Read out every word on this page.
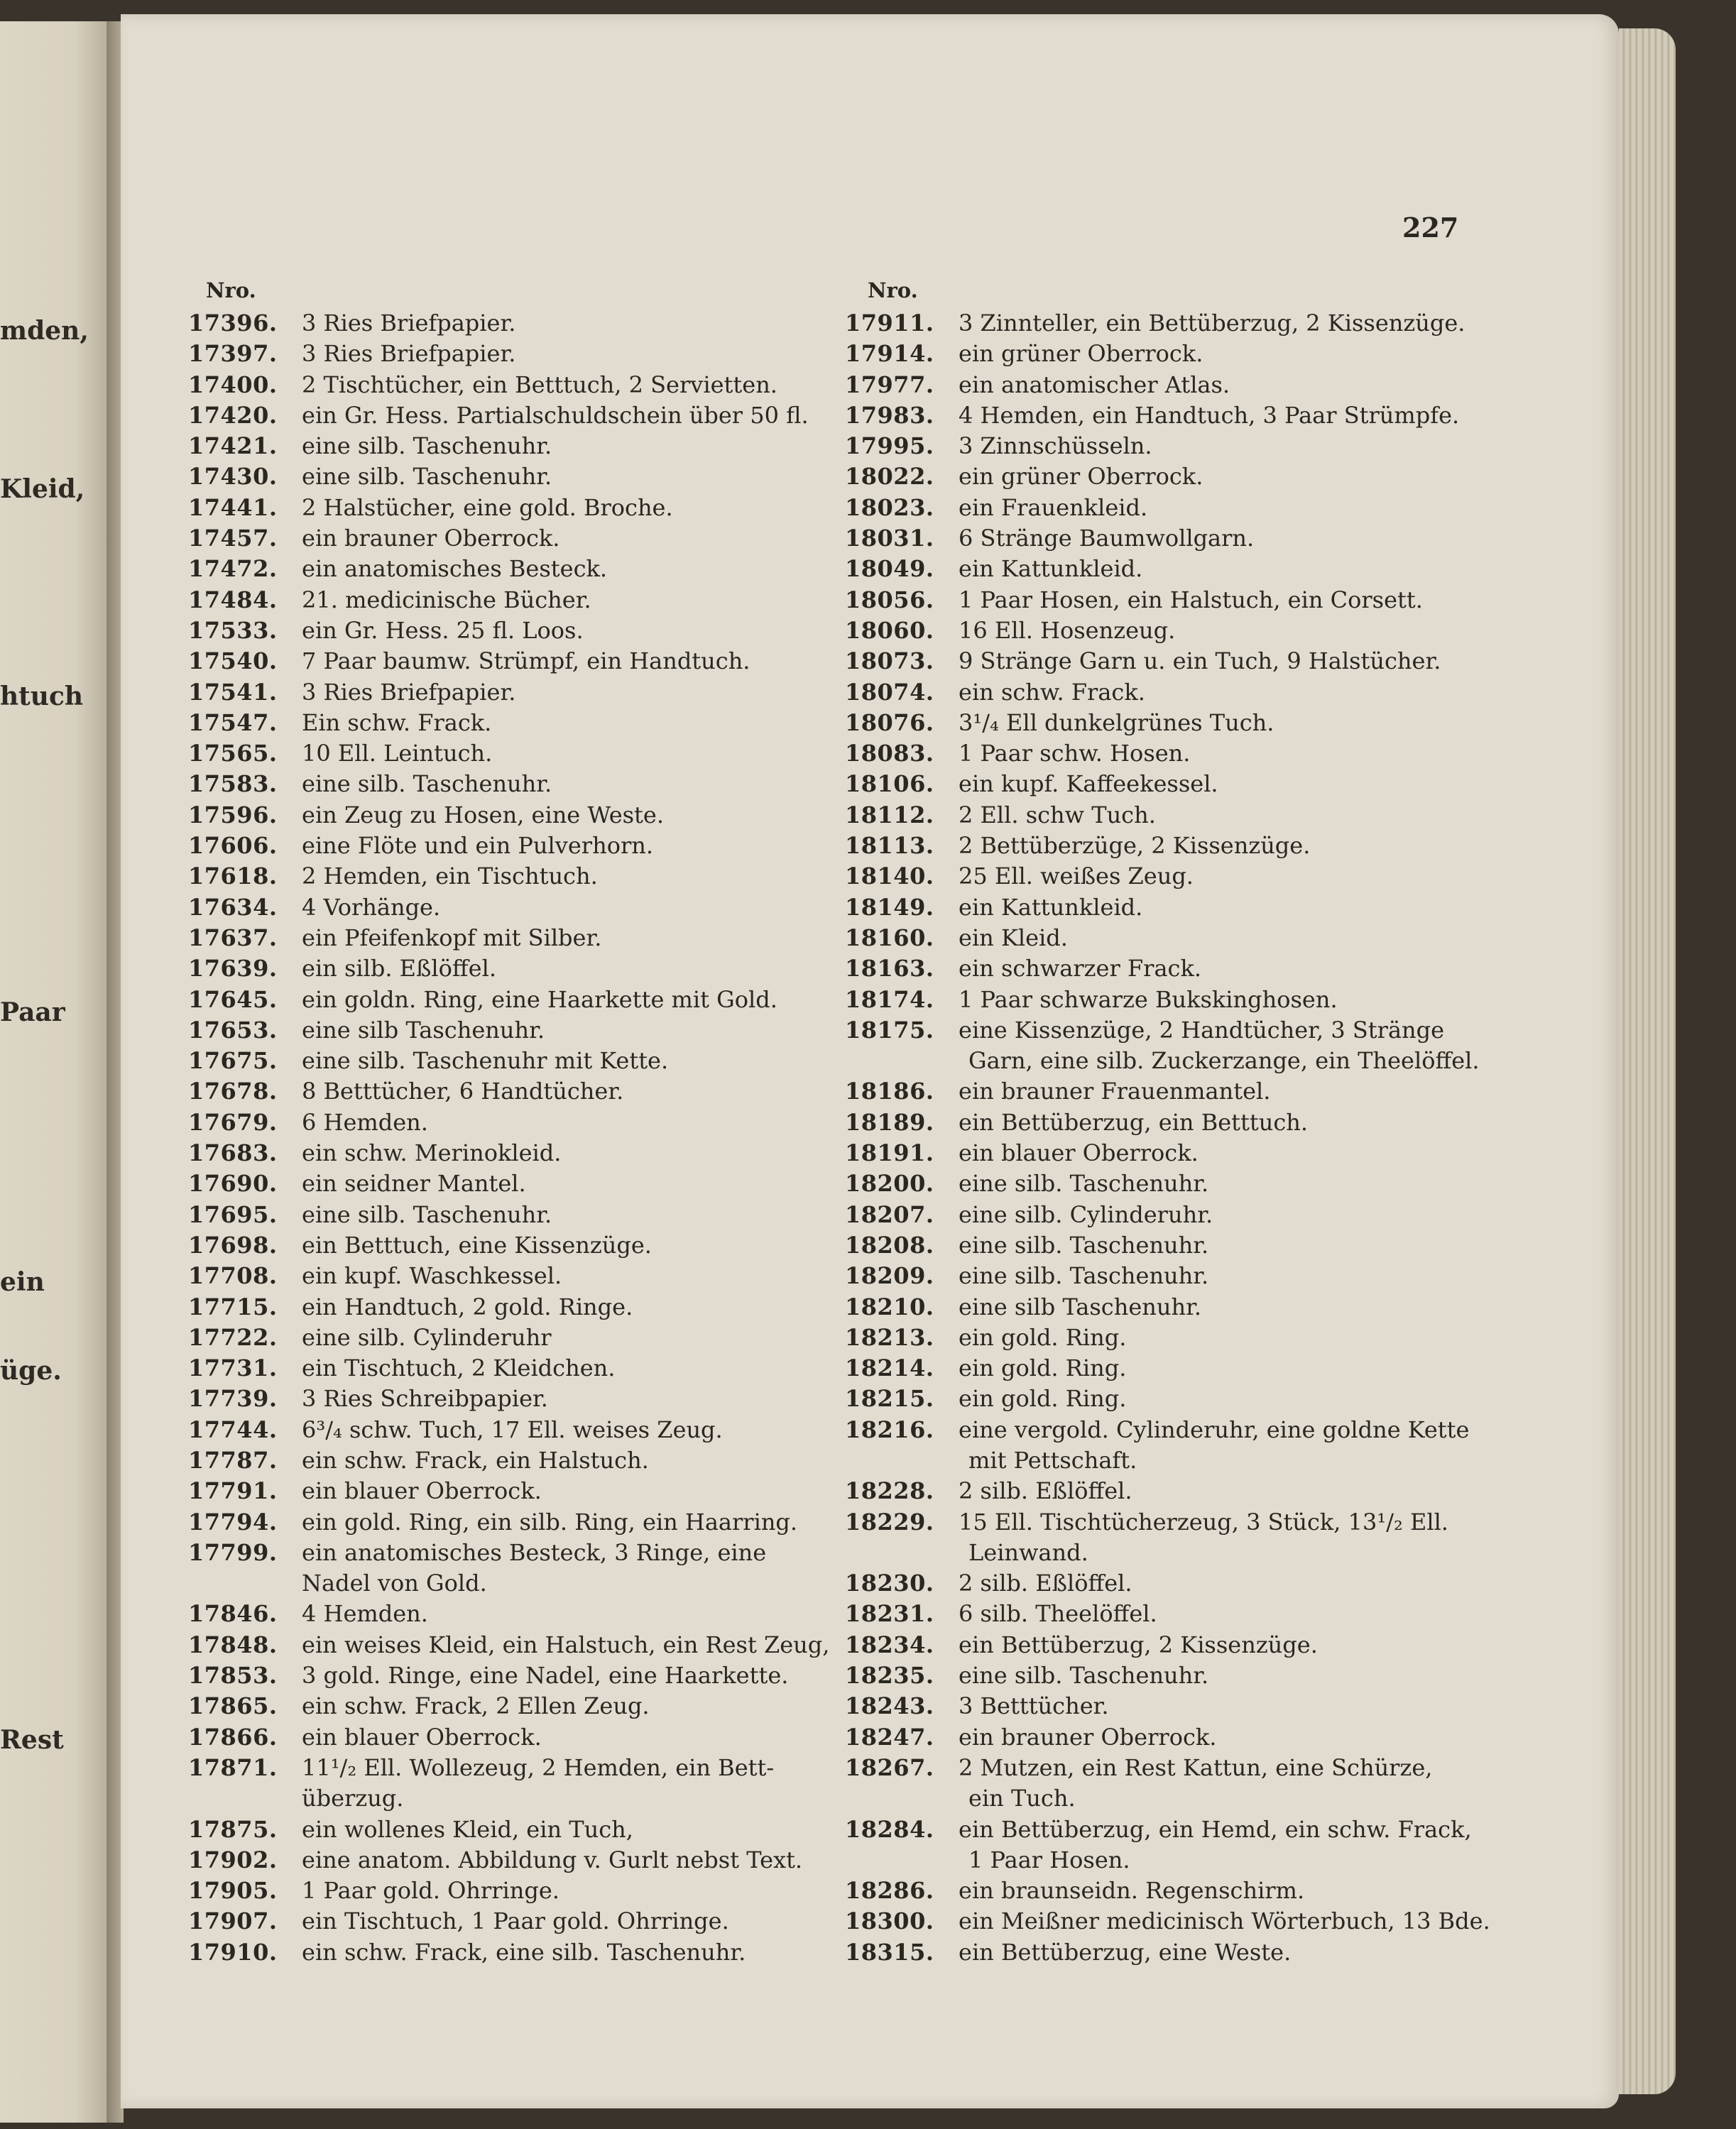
mden,
Kleid,
htuch
Paar
ein
üge.
Rest
227
Nro.	Nro.
17396. 3 Ries Briefpapier.
17397. 3 Ries Briefpapier.
17400. 2 Tischtücher, ein Betttuch, 2 Servietten.
17420. ein Gr. Hess. Partialschuldschein über 50 fl.
17421. eine silb. Taschenuhr.
17430. eine silb. Taschenuhr.
17441. 2 Halstücher, eine gold. Broche.
17457. ein brauner Oberrock.
17472. ein anatomisches Besteck.
17484. 21. medicinische Bücher.
17533. ein Gr. Hess. 25 fl. Loos.
17540. 7 Paar baumw. Strümpf, ein Handtuch.
17541. 3 Ries Briefpapier.
17547. Ein schw. Frack.
17565. 10 Ell. Leintuch.
17583. eine silb. Taschenuhr.
17596. ein Zeug zu Hosen, eine Weste.
17606. eine Flöte und ein Pulverhorn.
17618. 2 Hemden, ein Tischtuch.
17634. 4 Vorhänge.
17637. ein Pfeifenkopf mit Silber.
17639. ein silb. Eßlöffel.
17645. ein goldn. Ring, eine Haarkette mit Gold.
17653. eine silb Taschenuhr.
17675. eine silb. Taschenuhr mit Kette.
17678. 8 Betttücher, 6 Handtücher.
17679. 6 Hemden.
17683. ein schw. Merinokleid.
17690. ein seidner Mantel.
17695. eine silb. Taschenuhr.
17698. ein Betttuch, eine Kissenzüge.
17708. ein kupf. Waschkessel.
17715. ein Handtuch, 2 gold. Ringe.
17722. eine silb. Cylinderuhr
17731. ein Tischtuch, 2 Kleidchen.
17739. 3 Ries Schreibpapier.
17744. 6³/₄ schw. Tuch, 17 Ell. weises Zeug.
17787. ein schw. Frack, ein Halstuch.
17791. ein blauer Oberrock.
17794. ein gold. Ring, ein silb. Ring, ein Haarring.
17799. ein anatomisches Besteck, 3 Ringe, eine
Nadel von Gold.
17846. 4 Hemden.
17848. ein weises Kleid, ein Halstuch, ein Rest Zeug,
17853. 3 gold. Ringe, eine Nadel, eine Haarkette.
17865. ein schw. Frack, 2 Ellen Zeug.
17866. ein blauer Oberrock.
17871. 11¹/₂ Ell. Wollezeug, 2 Hemden, ein Bett-
überzug.
17875. ein wollenes Kleid, ein Tuch,
17902. eine anatom. Abbildung v. Gurlt nebst Text.
17905. 1 Paar gold. Ohrringe.
17907. ein Tischtuch, 1 Paar gold. Ohrringe.
17910. ein schw. Frack, eine silb. Taschenuhr.
17911. 3 Zinnteller, ein Bettüberzug, 2 Kissenzüge.
17914. ein grüner Oberrock.
17977. ein anatomischer Atlas.
17983. 4 Hemden, ein Handtuch, 3 Paar Strümpfe.
17995. 3 Zinnschüsseln.
18022. ein grüner Oberrock.
18023. ein Frauenkleid.
18031. 6 Stränge Baumwollgarn.
18049. ein Kattunkleid.
18056. 1 Paar Hosen, ein Halstuch, ein Corsett.
18060. 16 Ell. Hosenzeug.
18073. 9 Stränge Garn u. ein Tuch, 9 Halstücher.
18074. ein schw. Frack.
18076. 3¹/₄ Ell dunkelgrünes Tuch.
18083. 1 Paar schw. Hosen.
18106. ein kupf. Kaffeekessel.
18112. 2 Ell. schw Tuch.
18113. 2 Bettüberzüge, 2 Kissenzüge.
18140. 25 Ell. weißes Zeug.
18149. ein Kattunkleid.
18160. ein Kleid.
18163. ein schwarzer Frack.
18174. 1 Paar schwarze Bukskinghosen.
18175. eine Kissenzüge, 2 Handtücher, 3 Stränge
Garn, eine silb. Zuckerzange, ein Theelöffel.
18186. ein brauner Frauenmantel.
18189. ein Bettüberzug, ein Betttuch.
18191. ein blauer Oberrock.
18200. eine silb. Taschenuhr.
18207. eine silb. Cylinderuhr.
18208. eine silb. Taschenuhr.
18209. eine silb. Taschenuhr.
18210. eine silb Taschenuhr.
18213. ein gold. Ring.
18214. ein gold. Ring.
18215. ein gold. Ring.
18216. eine vergold. Cylinderuhr, eine goldne Kette
mit Pettschaft.
18228. 2 silb. Eßlöffel.
18229. 15 Ell. Tischtücherzeug, 3 Stück, 13¹/₂ Ell.
Leinwand.
18230. 2 silb. Eßlöffel.
18231. 6 silb. Theelöffel.
18234. ein Bettüberzug, 2 Kissenzüge.
18235. eine silb. Taschenuhr.
18243. 3 Betttücher.
18247. ein brauner Oberrock.
18267. 2 Mutzen, ein Rest Kattun, eine Schürze,
ein Tuch.
18284. ein Bettüberzug, ein Hemd, ein schw. Frack,
1 Paar Hosen.
18286. ein braunseidn. Regenschirm.
18300. ein Meißner medicinisch Wörterbuch, 13 Bde.
18315. ein Bettüberzug, eine Weste.
